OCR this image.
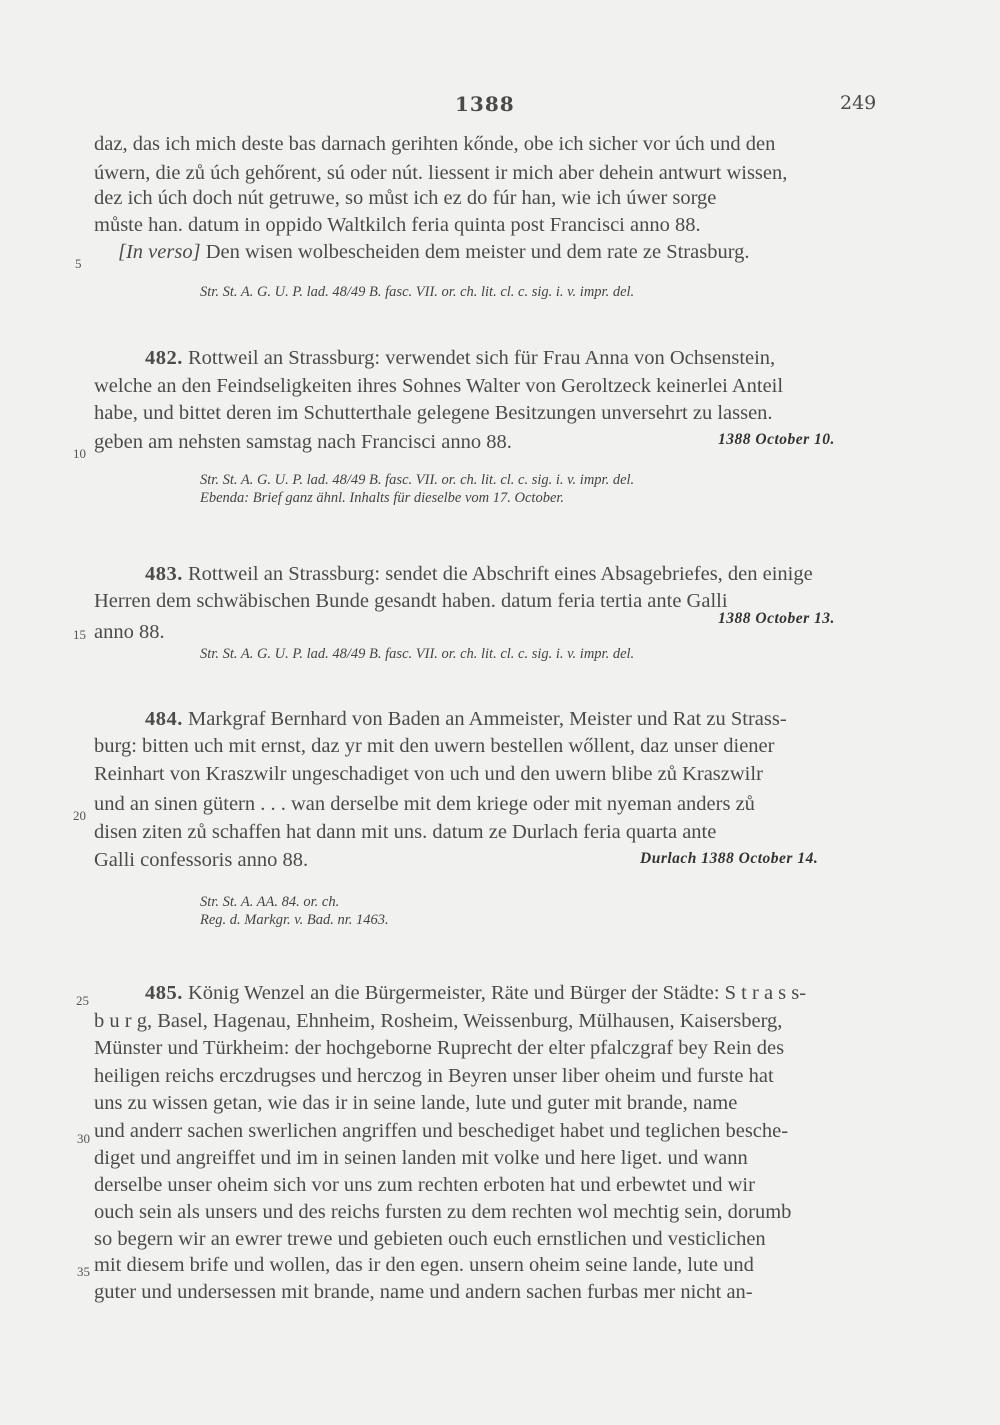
1388	249
daz, das ich mich deste bas darnach gerihten kőnde, obe ich sicher vor úch und den
úwern, die zů úch gehőrent, sú oder nút. liessent ir mich aber dehein antwurt wissen,
dez ich úch doch nút getruwe, so můst ich ez do fúr han, wie ich úwer sorge
můste han. datum in oppido Waltkilch feria quinta post Francisci anno 88.
5
[In verso] Den wisen wolbescheiden dem meister und dem rate ze Strasburg.
Str. St. A. G. U. P. lad. 48/49 B. fasc. VII. or. ch. lit. cl. c. sig. i. v. impr. del.
482. Rottweil an Strassburg: verwendet sich für Frau Anna von Ochsenstein,
welche an den Feindseligkeiten ihres Sohnes Walter von Geroltzeck keinerlei Anteil
habe, und bittet deren im Schutterthale gelegene Besitzungen unversehrt zu lassen.
10
geben am nehsten samstag nach Francisci anno 88.	1388 October 10.
Str. St. A. G. U. P. lad. 48/49 B. fasc. VII. or. ch. lit. cl. c. sig. i. v. impr. del.
Ebenda: Brief ganz ähnl. Inhalts für dieselbe vom 17. October.
483. Rottweil an Strassburg: sendet die Abschrift eines Absagebriefes, den einige
Herren dem schwäbischen Bunde gesandt haben. datum feria tertia ante Galli
15 anno 88.
1388 October 13.
Str. St. A. G. U. P. lad. 48/49 B. fasc. VII. or. ch. lit. cl. c. sig. i. v. impr. del.
484. Markgraf Bernhard von Baden an Ammeister, Meister und Rat zu Strass-
burg: bitten uch mit ernst, daz yr mit den uwern bestellen wőllent, daz unser diener
Reinhart von Kraszwilr ungeschadiget von uch und den uwern blibe zů Kraszwilr
20
und an sinen gütern . . . wan derselbe mit dem kriege oder mit nyeman anders zů
disen ziten zů schaffen hat dann mit uns. datum ze Durlach feria quarta ante
Galli confessoris anno 88.	Durlach 1388 October 14.
Str. St. A. AA. 84. or. ch.
Reg. d. Markgr. v. Bad. nr. 1463.
25	485. König Wenzel an die Bürgermeister, Räte und Bürger der Städte: S t r a s s-
b u r g, Basel, Hagenau, Ehnheim, Rosheim, Weissenburg, Mülhausen, Kaisersberg,
Münster und Türkheim: der hochgeborne Ruprecht der elter pfalczgraf bey Rein des
heiligen reichs erczdrugses und herczog in Beyren unser liber oheim und furste hat
uns zu wissen getan, wie das ir in seine lande, lute und guter mit brande, name
30 und anderr sachen swerlichen angriffen und beschediget habet und teglichen besche-
diget und angreiffet und im in seinen landen mit volke und here liget. und wann
derselbe unser oheim sich vor uns zum rechten erboten hat und erbewtet und wir
ouch sein als unsers und des reichs fursten zu dem rechten wol mechtig sein, dorumb
so begern wir an ewrer trewe und gebieten ouch euch ernstlichen und vesticlichen
35 mit diesem brife und wollen, das ir den egen. unsern oheim seine lande, lute und
guter und undersessen mit brande, name und andern sachen furbas mer nicht an-
